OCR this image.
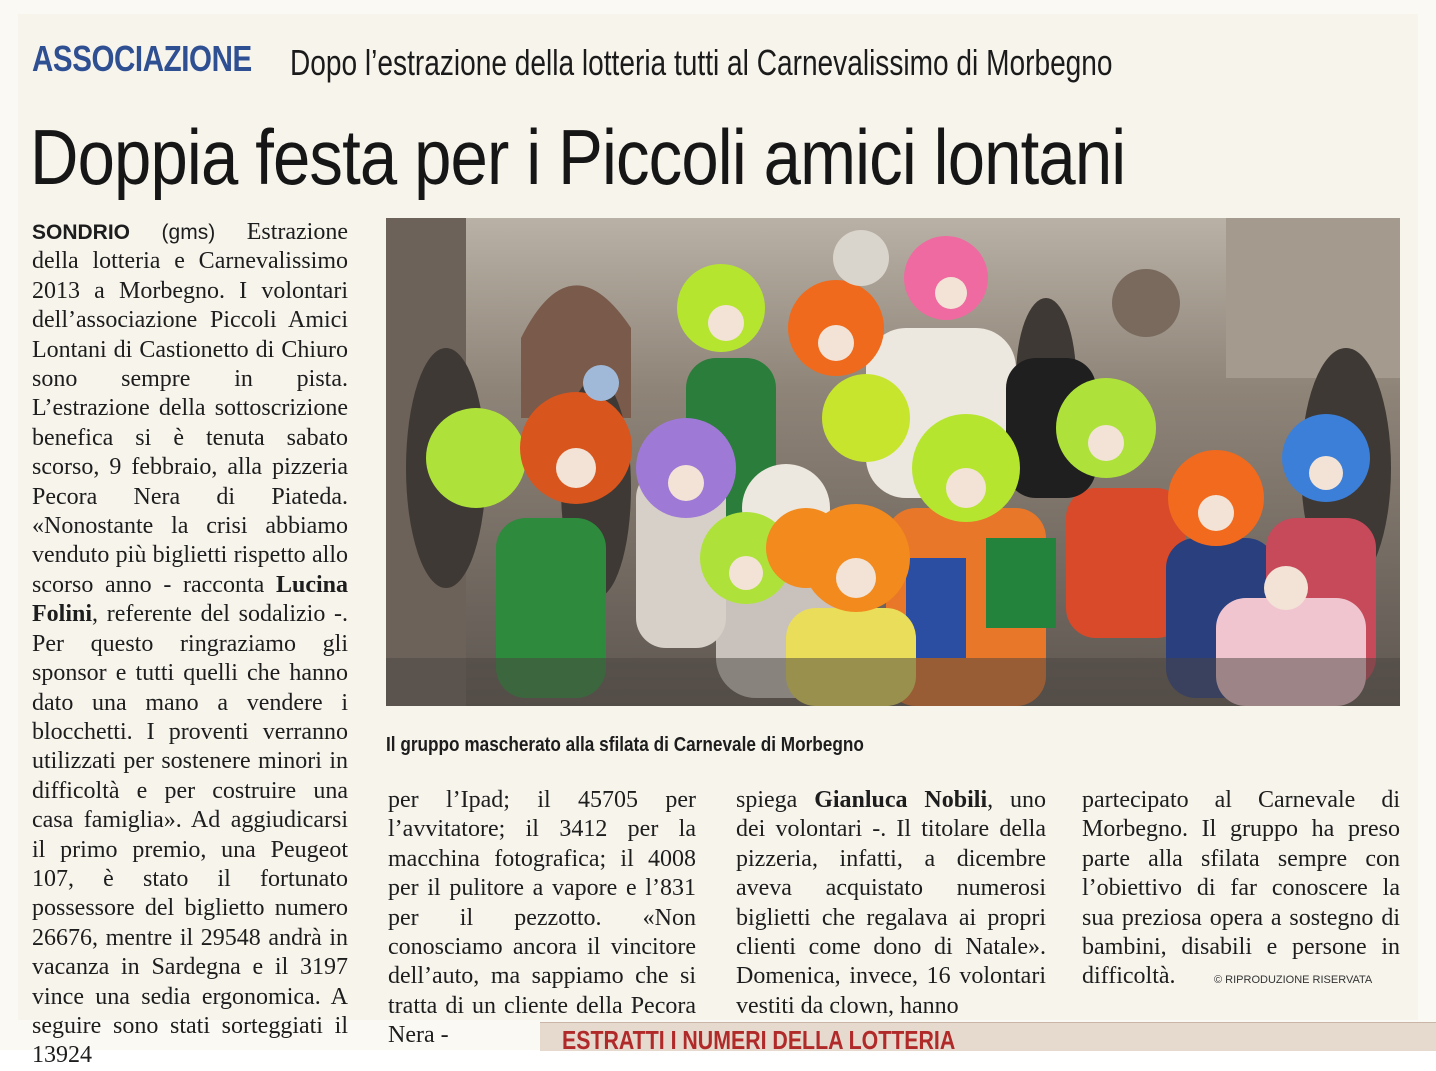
ASSOCIAZIONE Dopo l’estrazione della lotteria tutti al Carnevalissimo di Morbegno
Doppia festa per i Piccoli amici lontani
SONDRIO (gms) Estrazione della lotteria e Carnevalissimo 2013 a Morbegno. I volontari dell’associazione Piccoli Amici Lontani di Castionetto di Chiuro sono sempre in pista. L’estrazione della sottoscrizione benefica si è tenuta sabato scorso, 9 febbraio, alla pizzeria Pecora Nera di Piateda. «Nonostante la crisi abbiamo venduto più biglietti rispetto allo scorso anno - racconta Lucina Folini, referente del sodalizio -. Per questo ringraziamo gli sponsor e tutti quelli che hanno dato una mano a vendere i blocchetti. I proventi verranno utilizzati per sostenere minori in difficoltà e per costruire una casa famiglia». Ad aggiudicarsi il primo premio, una Peugeot 107, è stato il fortunato possessore del biglietto numero 26676, mentre il 29548 andrà in vacanza in Sardegna e il 3197 vince una sedia ergonomica. A seguire sono stati sorteggiati il 13924
Il gruppo mascherato alla sfilata di Carnevale di Morbegno
per l’Ipad; il 45705 per l’avvitatore; il 3412 per la macchina fotografica; il 4008 per il pulitore a vapore e l’831 per il pezzotto. «Non conosciamo ancora il vincitore dell’auto, ma sappiamo che si tratta di un cliente della Pecora Nera -
spiega Gianluca Nobili, uno dei volontari -. Il titolare della pizzeria, infatti, a dicembre aveva acquistato numerosi biglietti che regalava ai propri clienti come dono di Natale». Domenica, invece, 16 volontari vestiti da clown, hanno
partecipato al Carnevale di Morbegno. Il gruppo ha preso parte alla sfilata sempre con l’obiettivo di far conoscere la sua preziosa opera a sostegno di bambini, disabili e persone in difficoltà.	© RIPRODUZIONE RISERVATA
ESTRATTI I NUMERI DELLA LOTTERIA
